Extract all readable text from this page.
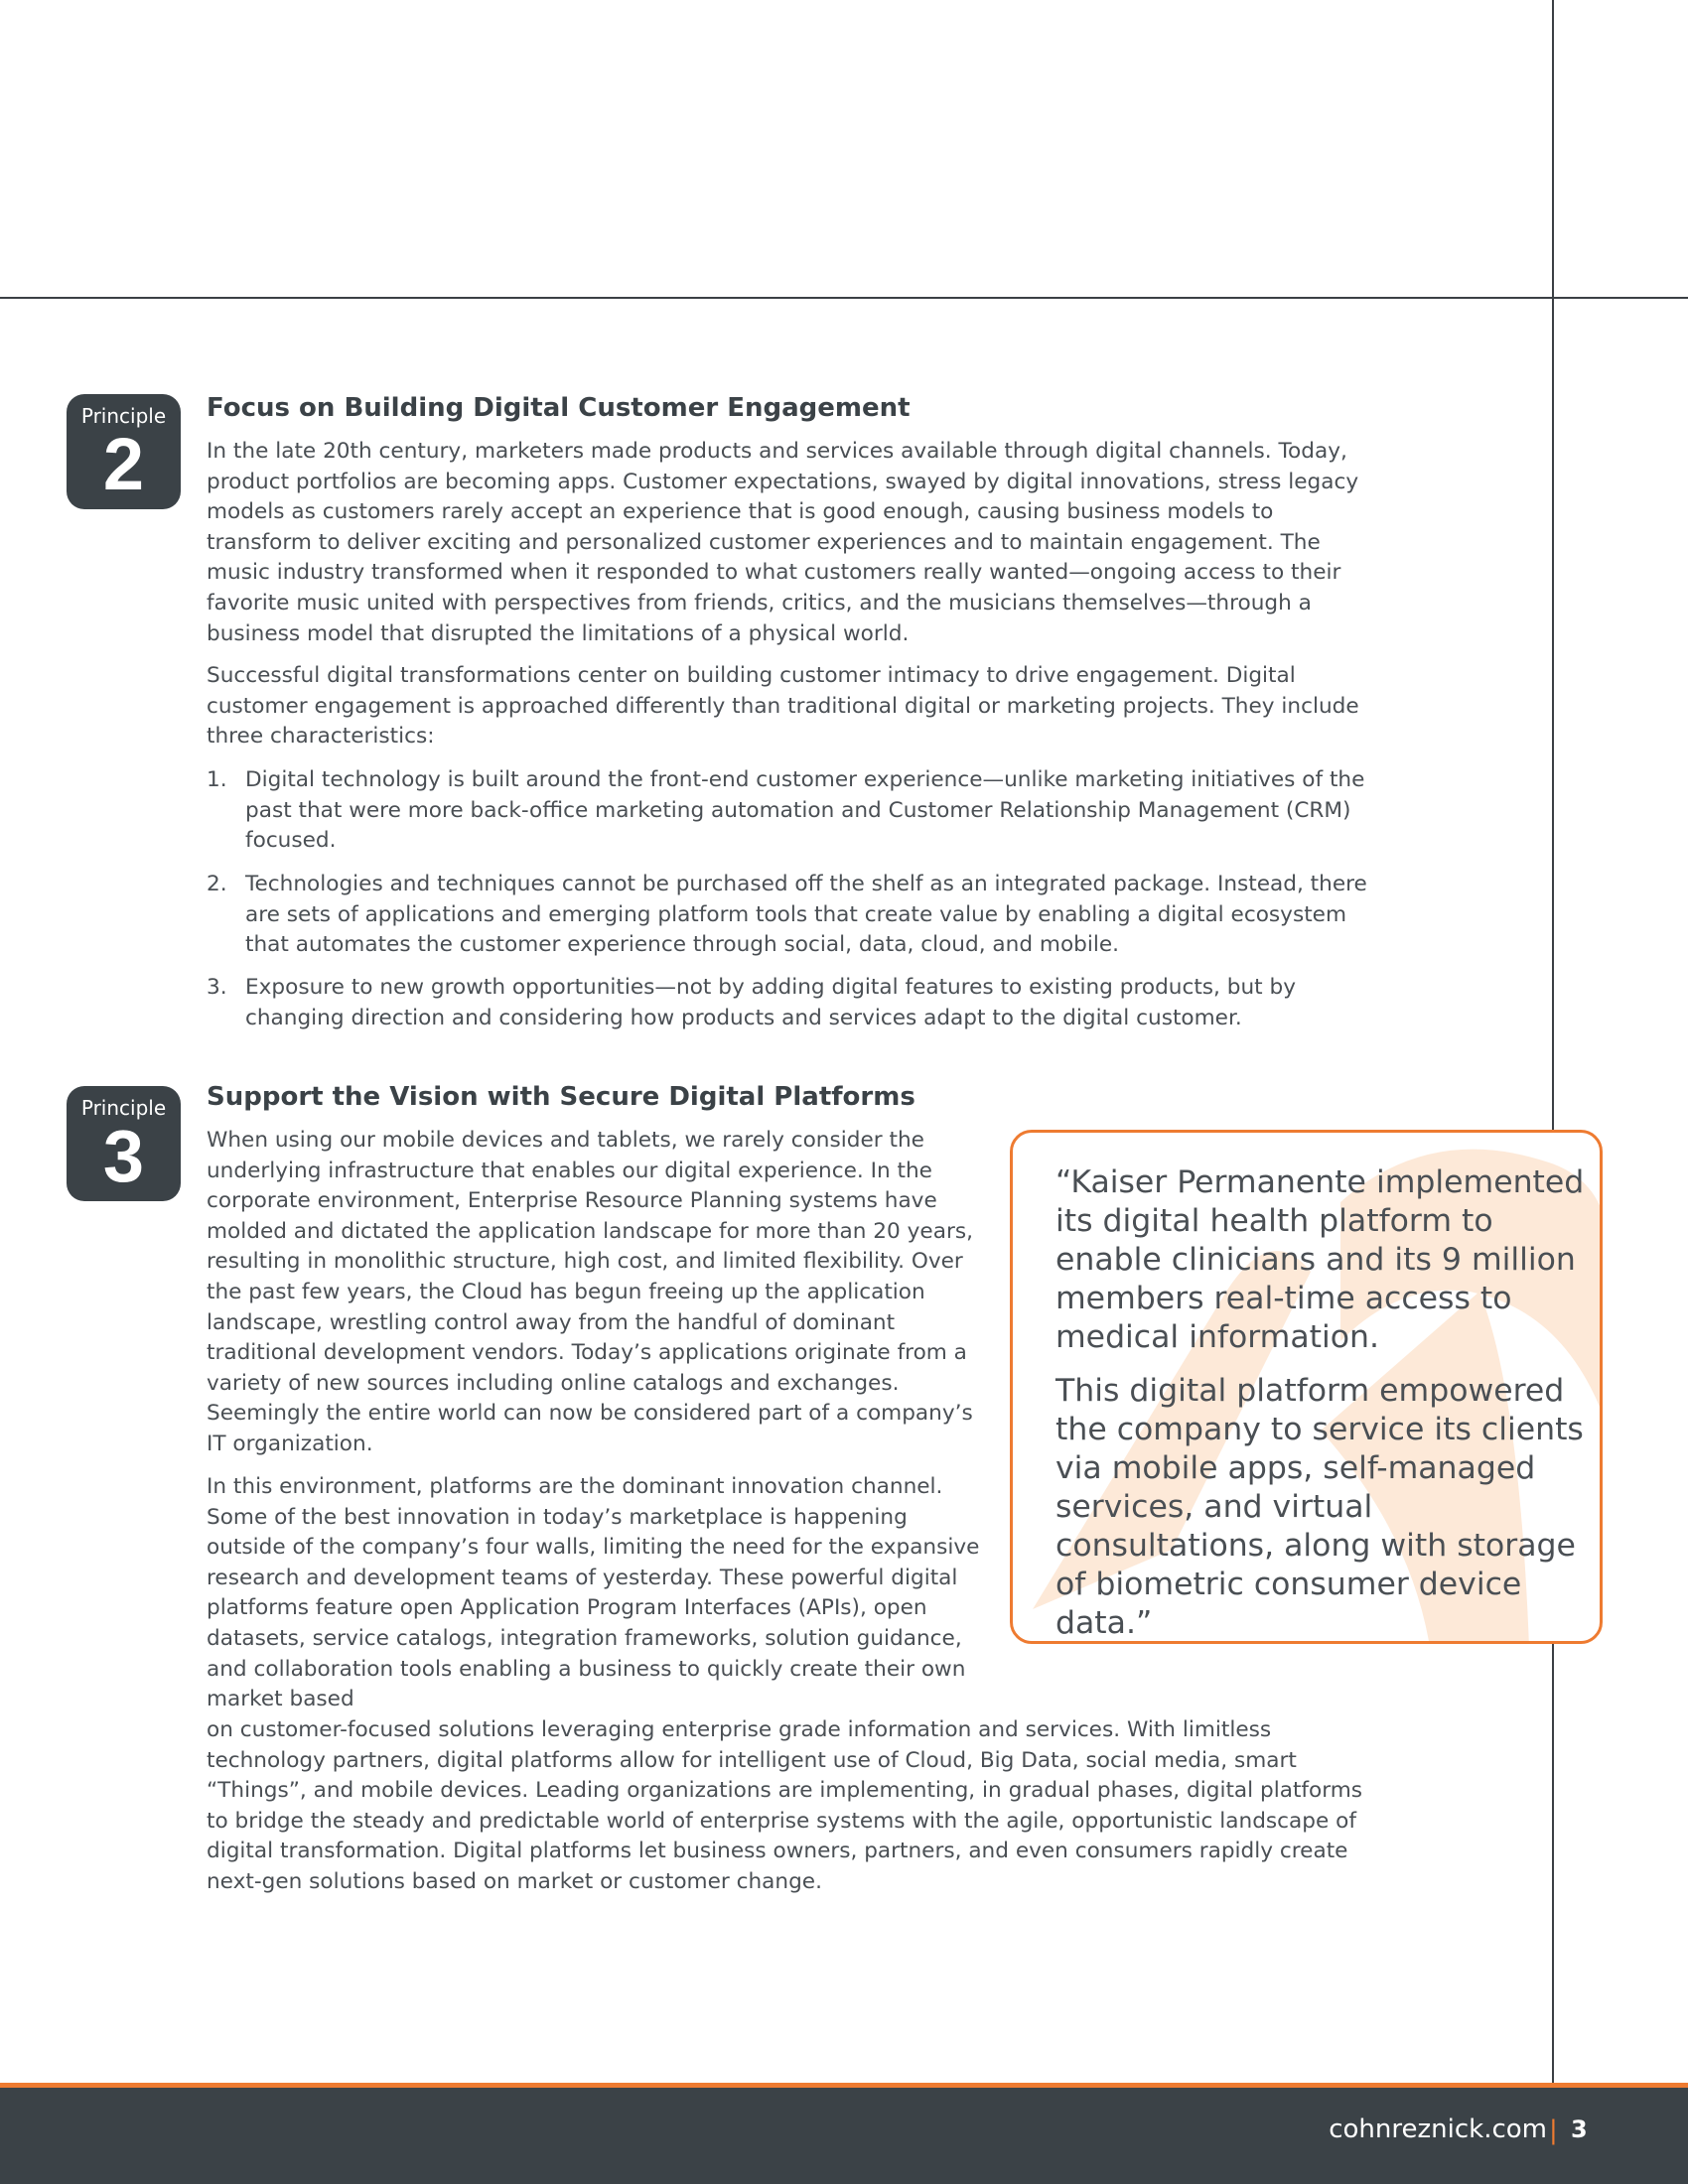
Principle
2
Focus on Building Digital Customer Engagement

In the late 20th century, marketers made products and services available through digital channels. Today, product portfolios are becoming apps. Customer expectations, swayed by digital innovations, stress legacy models as customers rarely accept an experience that is good enough, causing business models to transform to deliver exciting and personalized customer experiences and to maintain engagement. The music industry transformed when it responded to what customers really wanted—ongoing access to their favorite music united with perspectives from friends, critics, and the musicians themselves—through a business model that disrupted the limitations of a physical world.

Successful digital transformations center on building customer intimacy to drive engagement. Digital customer engagement is approached differently than traditional digital or marketing projects. They include three characteristics:

1. Digital technology is built around the front-end customer experience—unlike marketing initiatives of the past that were more back-office marketing automation and Customer Relationship Management (CRM) focused.
2. Technologies and techniques cannot be purchased off the shelf as an integrated package. Instead, there are sets of applications and emerging platform tools that create value by enabling a digital ecosystem that automates the customer experience through social, data, cloud, and mobile.
3. Exposure to new growth opportunities—not by adding digital features to existing products, but by changing direction and considering how products and services adapt to the digital customer.
Principle
3
Support the Vision with Secure Digital Platforms

When using our mobile devices and tablets, we rarely consider the underlying infrastructure that enables our digital experience. In the corporate environment, Enterprise Resource Planning systems have molded and dictated the application landscape for more than 20 years, resulting in monolithic structure, high cost, and limited flexibility. Over the past few years, the Cloud has begun freeing up the application landscape, wrestling control away from the handful of dominant traditional development vendors. Today’s applications originate from a variety of new sources including online catalogs and exchanges. Seemingly the entire world can now be considered part of a company’s IT organization.

In this environment, platforms are the dominant innovation channel. Some of the best innovation in today’s marketplace is happening outside of the company’s four walls, limiting the need for the expansive research and development teams of yesterday. These powerful digital platforms feature open Application Program Interfaces (APIs), open datasets, service catalogs, integration frameworks, solution guidance, and collaboration tools enabling a business to quickly create their own market based

on customer-focused solutions leveraging enterprise grade information and services. With limitless technology partners, digital platforms allow for intelligent use of Cloud, Big Data, social media, smart “Things”, and mobile devices. Leading organizations are implementing, in gradual phases, digital platforms to bridge the steady and predictable world of enterprise systems with the agile, opportunistic landscape of digital transformation. Digital platforms let business owners, partners, and even consumers rapidly create next-gen solutions based on market or customer change.

“Kaiser Permanente implemented its digital health platform to enable clinicians and its 9 million members real-time access to medical information.

This digital platform empowered the company to service its clients via mobile apps, self-managed services, and virtual consultations, along with storage of biometric consumer device data.”

cohnreznick.com | 3
